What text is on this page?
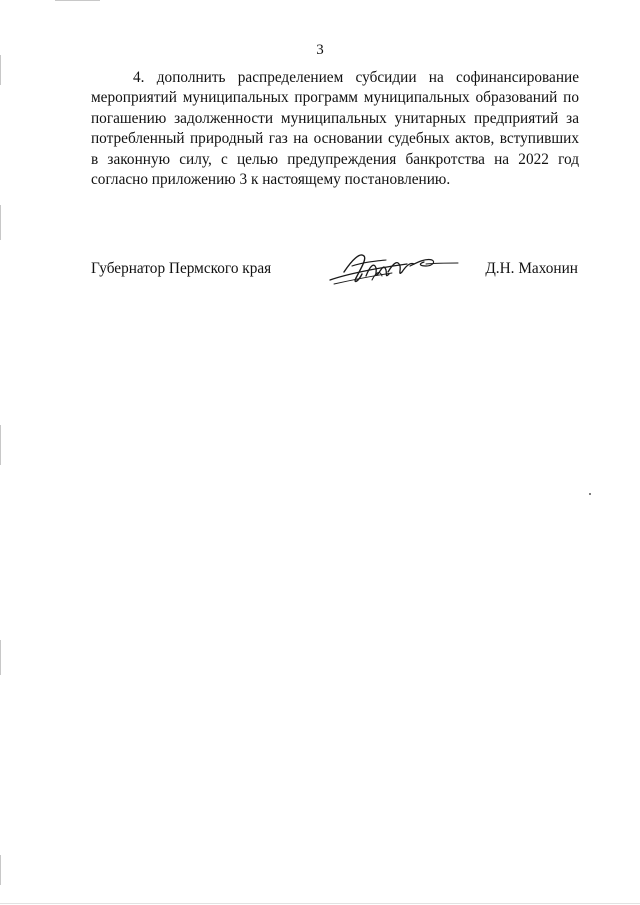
3

4. дополнить распределением субсидии на софинансирование мероприятий муниципальных программ муниципальных образований по погашению задолженности муниципальных унитарных предприятий за потребленный природный газ на основании судебных актов, вступивших в законную силу, с целью предупреждения банкротства на 2022 год согласно приложению 3 к настоящему постановлению.

Губернатор Пермского края	Д.Н. Махонин
